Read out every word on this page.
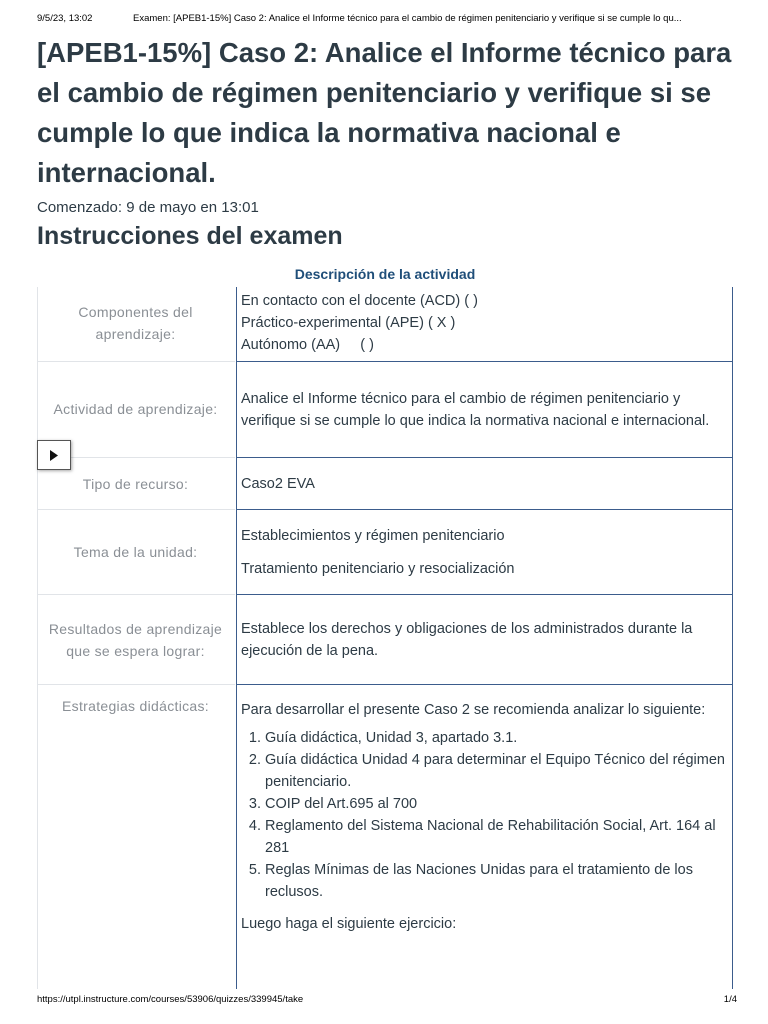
9/5/23, 13:02	Examen: [APEB1-15%] Caso 2: Analice el Informe técnico para el cambio de régimen penitenciario y verifique si se cumple lo qu...
[APEB1-15%] Caso 2: Analice el Informe técnico para el cambio de régimen penitenciario y verifique si se cumple lo que indica la normativa nacional e internacional.
Comenzado: 9 de mayo en 13:01
Instrucciones del examen
Descripción de la actividad
Componentes del aprendizaje:

En contacto con el docente (ACD) ( )

Práctico-experimental (APE) ( X )

Autónomo (AA)     ( )

Actividad de aprendizaje:

Analice el Informe técnico para el cambio de régimen penitenciario y verifique si se cumple lo que indica la normativa nacional e internacional.

Tipo de recurso:	Caso2 EVA

Tema de la unidad:

Establecimientos y régimen penitenciario

Tratamiento penitenciario y resocialización

Resultados de aprendizaje que se espera lograr:

Establece los derechos y obligaciones de los administrados durante la ejecución de la pena.

Estrategias didácticas:	Para desarrollar el presente Caso 2 se recomienda analizar lo siguiente:

1. Guía didáctica, Unidad 3, apartado 3.1.
2. Guía didáctica Unidad 4 para determinar el Equipo Técnico del régimen penitenciario.
3. COIP del Art.695 al 700
4. Reglamento del Sistema Nacional de Rehabilitación Social, Art. 164 al 281
5. Reglas Mínimas de las Naciones Unidas para el tratamiento de los reclusos.

Luego haga el siguiente ejercicio:

https://utpl.instructure.com/courses/53906/quizzes/339945/take	1/4
